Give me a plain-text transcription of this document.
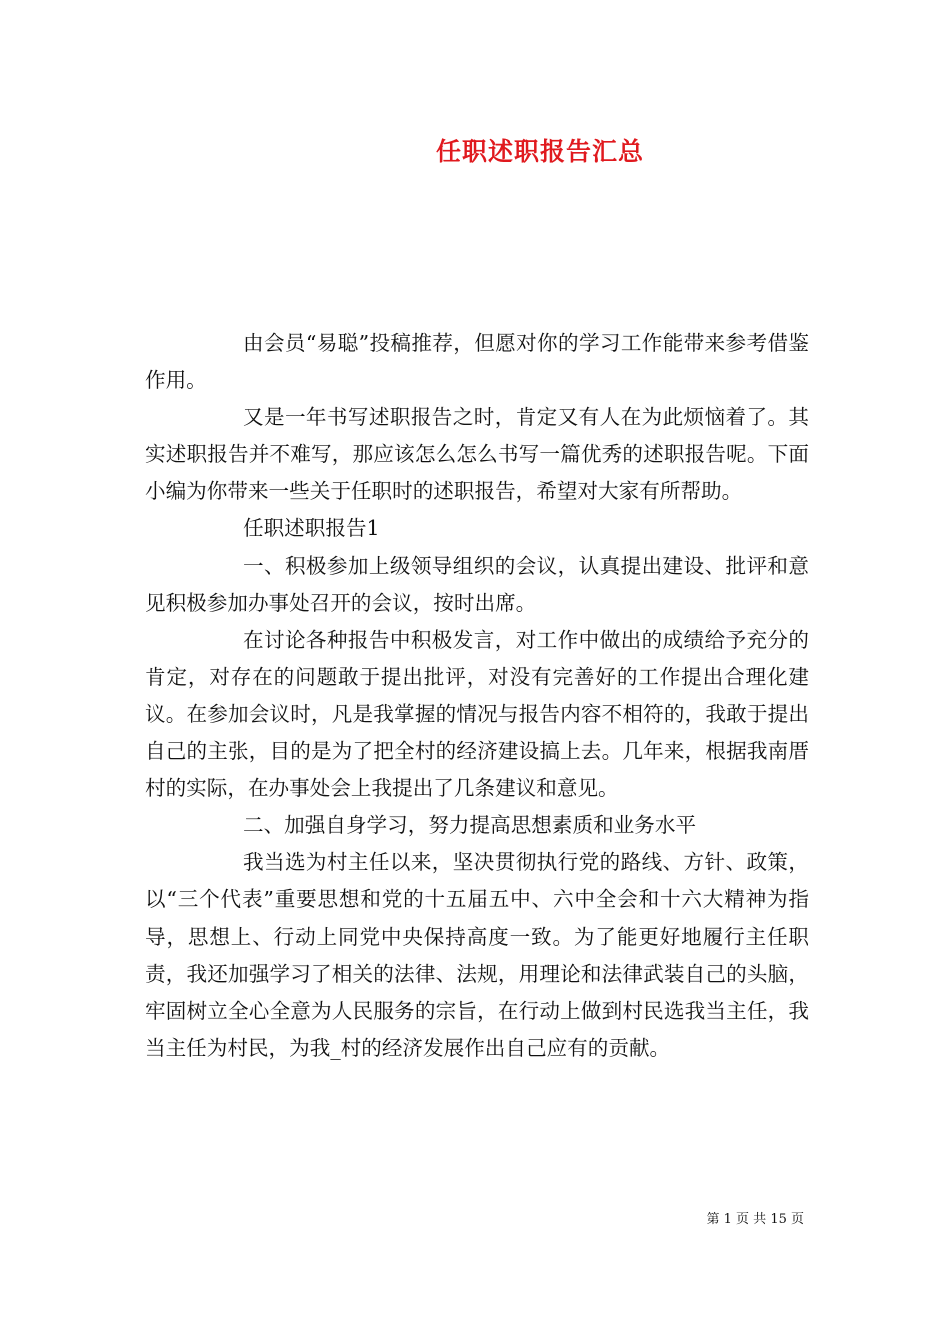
任职述职报告汇总

由会员“易聪”投稿推荐，但愿对你的学习工作能带来参考借鉴作用。

又是一年书写述职报告之时，肯定又有人在为此烦恼着了。其实述职报告并不难写，那应该怎么怎么书写一篇优秀的述职报告呢。下面小编为你带来一些关于任职时的述职报告，希望对大家有所帮助。

任职述职报告1

一、积极参加上级领导组织的会议，认真提出建设、批评和意见积极参加办事处召开的会议，按时出席。

在讨论各种报告中积极发言，对工作中做出的成绩给予充分的肯定，对存在的问题敢于提出批评，对没有完善好的工作提出合理化建议。在参加会议时，凡是我掌握的情况与报告内容不相符的，我敢于提出自己的主张，目的是为了把全村的经济建设搞上去。几年来，根据我南厝村的实际，在办事处会上我提出了几条建议和意见。

二、加强自身学习，努力提高思想素质和业务水平

我当选为村主任以来，坚决贯彻执行党的路线、方针、政策，以“三个代表”重要思想和党的十五届五中、六中全会和十六大精神为指导，思想上、行动上同党中央保持高度一致。为了能更好地履行主任职责，我还加强学习了相关的法律、法规，用理论和法律武装自己的头脑，牢固树立全心全意为人民服务的宗旨，在行动上做到村民选我当主任，我当主任为村民，为我_村的经济发展作出自己应有的贡献。

第 1 页 共 15 页
